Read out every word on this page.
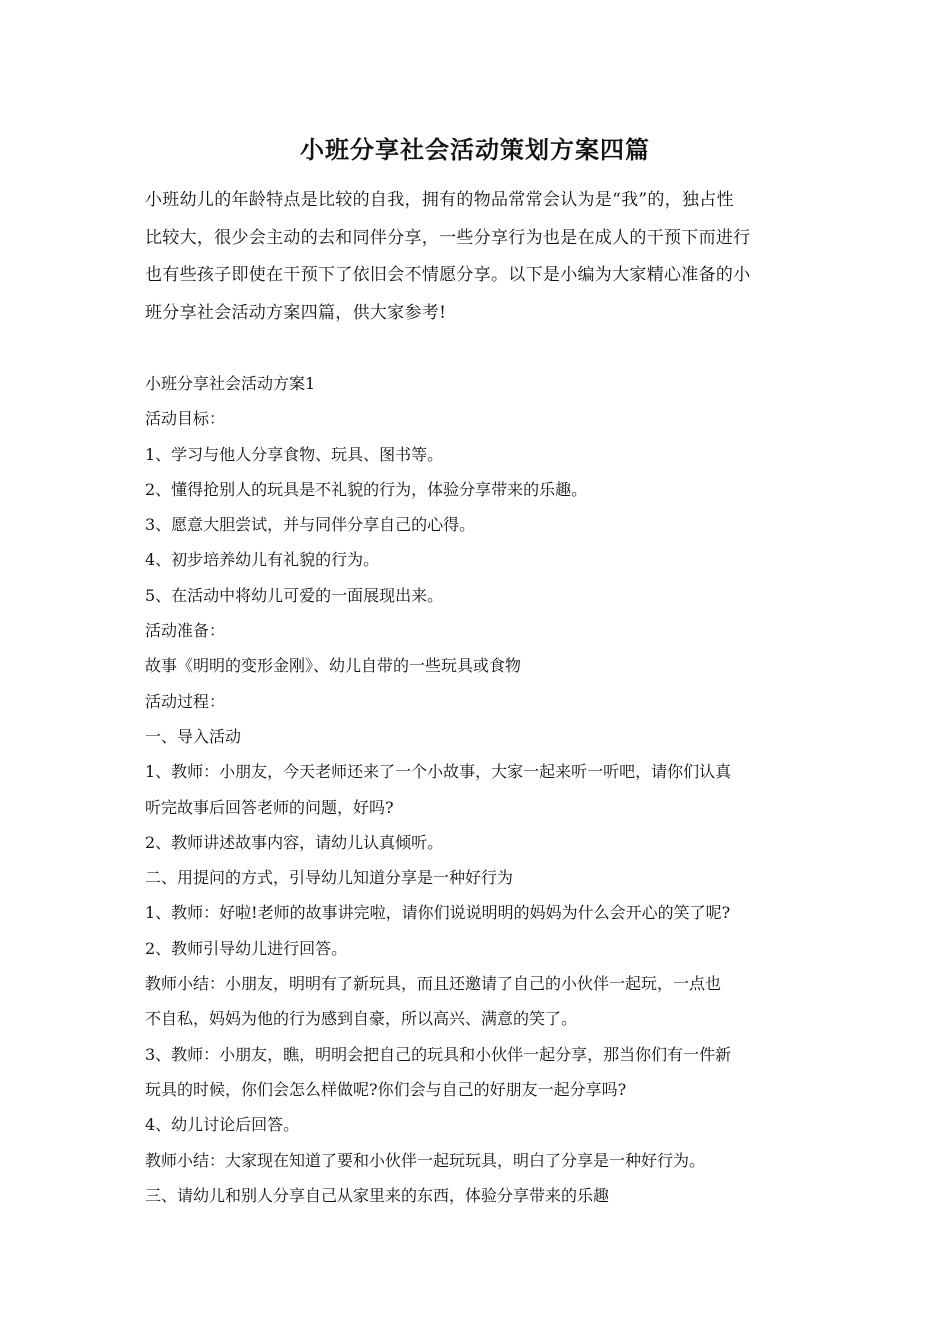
小班分享社会活动策划方案四篇

小班幼儿的年龄特点是比较的自我，拥有的物品常常会认为是“我”的，独占性

比较大，很少会主动的去和同伴分享，一些分享行为也是在成人的干预下而进行

也有些孩子即使在干预下了依旧会不情愿分享。以下是小编为大家精心准备的小

班分享社会活动方案四篇，供大家参考!

小班分享社会活动方案1

活动目标：

1、学习与他人分享食物、玩具、图书等。

2、懂得抢别人的玩具是不礼貌的行为，体验分享带来的乐趣。

3、愿意大胆尝试，并与同伴分享自己的心得。

4、初步培养幼儿有礼貌的行为。

5、在活动中将幼儿可爱的一面展现出来。

活动准备：

故事《明明的变形金刚》、幼儿自带的一些玩具或食物

活动过程：

一、导入活动

1、教师：小朋友，今天老师还来了一个小故事，大家一起来听一听吧，请你们认真

听完故事后回答老师的问题，好吗?

2、教师讲述故事内容，请幼儿认真倾听。

二、用提问的方式，引导幼儿知道分享是一种好行为

1、教师：好啦!老师的故事讲完啦，请你们说说明明的妈妈为什么会开心的笑了呢?

2、教师引导幼儿进行回答。

教师小结：小朋友，明明有了新玩具，而且还邀请了自己的小伙伴一起玩，一点也

不自私，妈妈为他的行为感到自豪，所以高兴、满意的笑了。

3、教师：小朋友，瞧，明明会把自己的玩具和小伙伴一起分享，那当你们有一件新

玩具的时候，你们会怎么样做呢?你们会与自己的好朋友一起分享吗?

4、幼儿讨论后回答。

教师小结：大家现在知道了要和小伙伴一起玩玩具，明白了分享是一种好行为。

三、请幼儿和别人分享自己从家里来的东西，体验分享带来的乐趣
